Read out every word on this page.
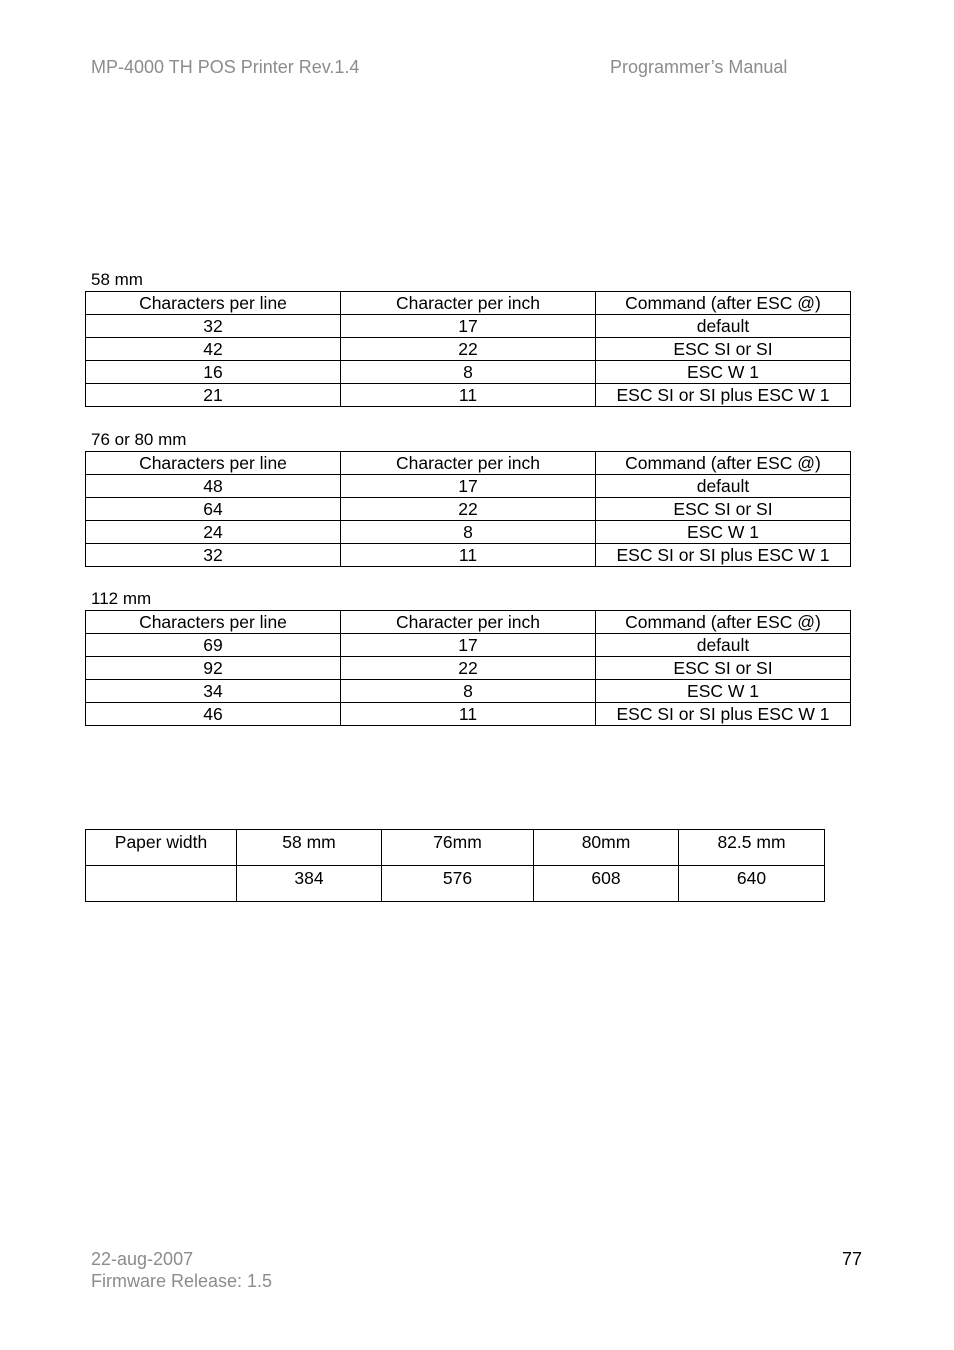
MP-4000 TH POS Printer Rev.1.4	Programmer’s Manual
58 mm
Characters per line	Character per inch	Command (after ESC @)
32	17	default
42	22	ESC SI or SI
16	8	ESC W 1
21	11	ESC SI or SI plus ESC W 1
76 or 80 mm
Characters per line	Character per inch	Command (after ESC @)
48	17	default
64	22	ESC SI or SI
24	8	ESC W 1
32	11	ESC SI or SI plus ESC W 1
112 mm
Characters per line	Character per inch	Command (after ESC @)
69	17	default
92	22	ESC SI or SI
34	8	ESC W 1
46	11	ESC SI or SI plus ESC W 1
Paper width	58 mm	76mm	80mm	82.5 mm
	384	576	608	640
22-aug-2007
Firmware Release: 1.5
77
